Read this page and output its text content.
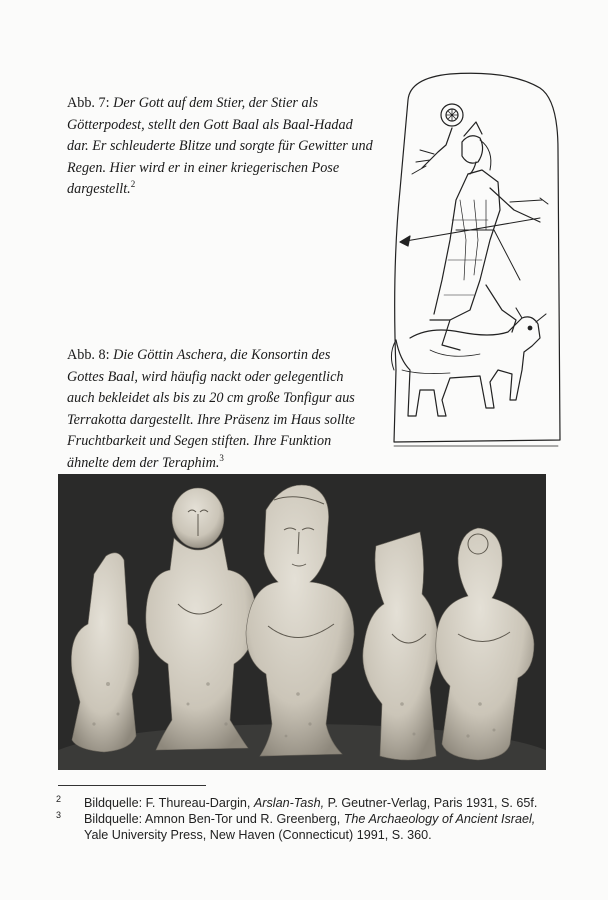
Abb. 7: Der Gott auf dem Stier, der Stier als Götterpodest, stellt den Gott Baal als Baal-Hadad dar. Er schleuderte Blitze und sorgte für Gewitter und Regen. Hier wird er in einer kriegerischen Pose dargestellt.$^2$
Abb. 8: Die Göttin Aschera, die Konsortin des Gottes Baal, wird häufig nackt oder gelegentlich auch bekleidet als bis zu 20 cm große Tonfigur aus Terrakotta dargestellt. Ihre Präsenz im Haus sollte Fruchtbarkeit und Segen stiften. Ihre Funktion ähnelte dem der Teraphim.$^3$
2	Bildquelle: F. Thureau-Dargin, Arslan-Tash, P. Geutner-Verlag, Paris 1931, S. 65f.
3	Bildquelle: Amnon Ben-Tor und R. Greenberg, The Archaeology of Ancient Israel, Yale University Press, New Haven (Connecticut) 1991, S. 360.
